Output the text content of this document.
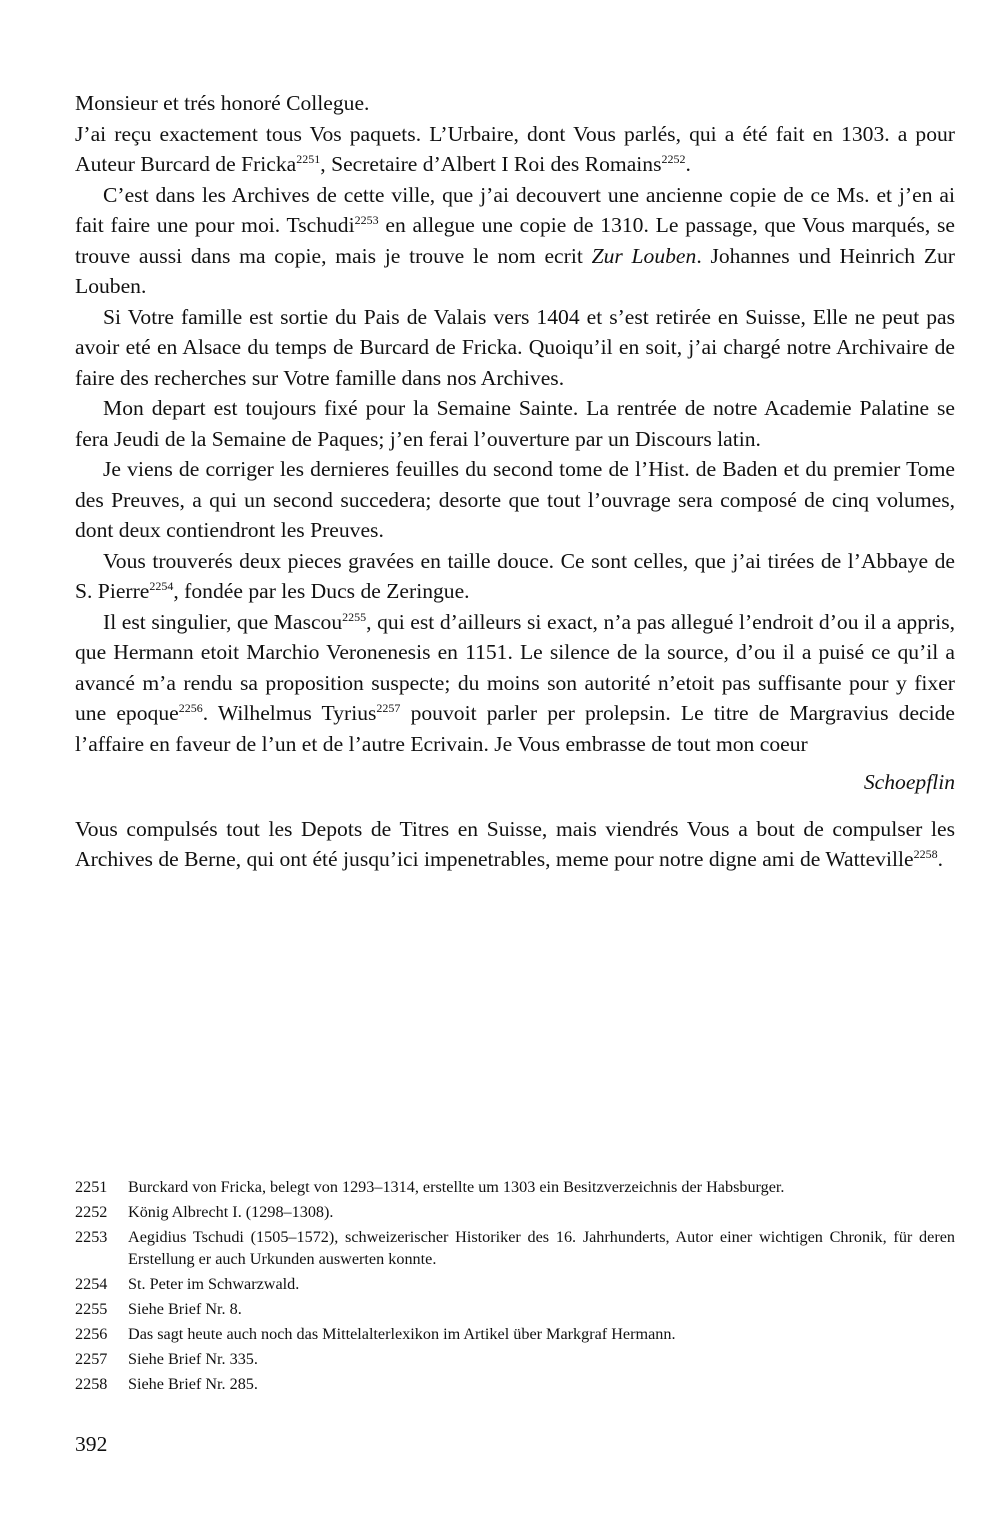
Monsieur et trés honoré Collegue.

J’ai reçu exactement tous Vos paquets. L’Urbaire, dont Vous parlés, qui a été fait en 1303. a pour Auteur Burcard de Fricka$^{2251}$, Secretaire d’Albert I Roi des Romains$^{2252}$.

C’est dans les Archives de cette ville, que j’ai decouvert une ancienne copie de ce Ms. et j’en ai fait faire une pour moi. Tschudi$^{2253}$ en allegue une copie de 1310. Le passage, que Vous marqués, se trouve aussi dans ma copie, mais je trouve le nom ecrit Zur Louben. Johannes und Heinrich Zur Louben.

Si Votre famille est sortie du Pais de Valais vers 1404 et s’est retirée en Suisse, Elle ne peut pas avoir eté en Alsace du temps de Burcard de Fricka. Quoiqu’il en soit, j’ai chargé notre Archivaire de faire des recherches sur Votre famille dans nos Archives.

Mon depart est toujours fixé pour la Semaine Sainte. La rentrée de notre Academie Palatine se fera Jeudi de la Semaine de Paques; j’en ferai l’ouverture par un Discours latin.

Je viens de corriger les dernieres feuilles du second tome de l’Hist. de Baden et du premier Tome des Preuves, a qui un second succedera; desorte que tout l’ouvrage sera composé de cinq volumes, dont deux contiendront les Preuves.

Vous trouverés deux pieces gravées en taille douce. Ce sont celles, que j’ai tirées de l’Abbaye de S. Pierre$^{2254}$, fondée par les Ducs de Zeringue.

Il est singulier, que Mascou$^{2255}$, qui est d’ailleurs si exact, n’a pas allegué l’endroit d’ou il a appris, que Hermann etoit Marchio Veronenesis en 1151. Le silence de la source, d’ou il a puisé ce qu’il a avancé m’a rendu sa proposition suspecte; du moins son autorité n’etoit pas suffisante pour y fixer une epoque$^{2256}$. Wilhelmus Tyrius$^{2257}$ pouvoit parler per prolepsin. Le titre de Margravius decide l’affaire en faveur de l’un et de l’autre Ecrivain. Je Vous embrasse de tout mon coeur

Schoepflin

Vous compulsés tout les Depots de Titres en Suisse, mais viendrés Vous a bout de compulser les Archives de Berne, qui ont été jusqu’ici impenetrables, meme pour notre digne ami de Watteville$^{2258}$.

2251	Burckard von Fricka, belegt von 1293–1314, erstellte um 1303 ein Besitzverzeichnis der Habsburger.
2252	König Albrecht I. (1298–1308).
2253	Aegidius Tschudi (1505–1572), schweizerischer Historiker des 16. Jahrhunderts, Autor einer wichtigen Chronik, für deren Erstellung er auch Urkunden auswerten konnte.
2254	St. Peter im Schwarzwald.
2255	Siehe Brief Nr. 8.
2256	Das sagt heute auch noch das Mittelalterlexikon im Artikel über Markgraf Hermann.
2257	Siehe Brief Nr. 335.
2258	Siehe Brief Nr. 285.
392
